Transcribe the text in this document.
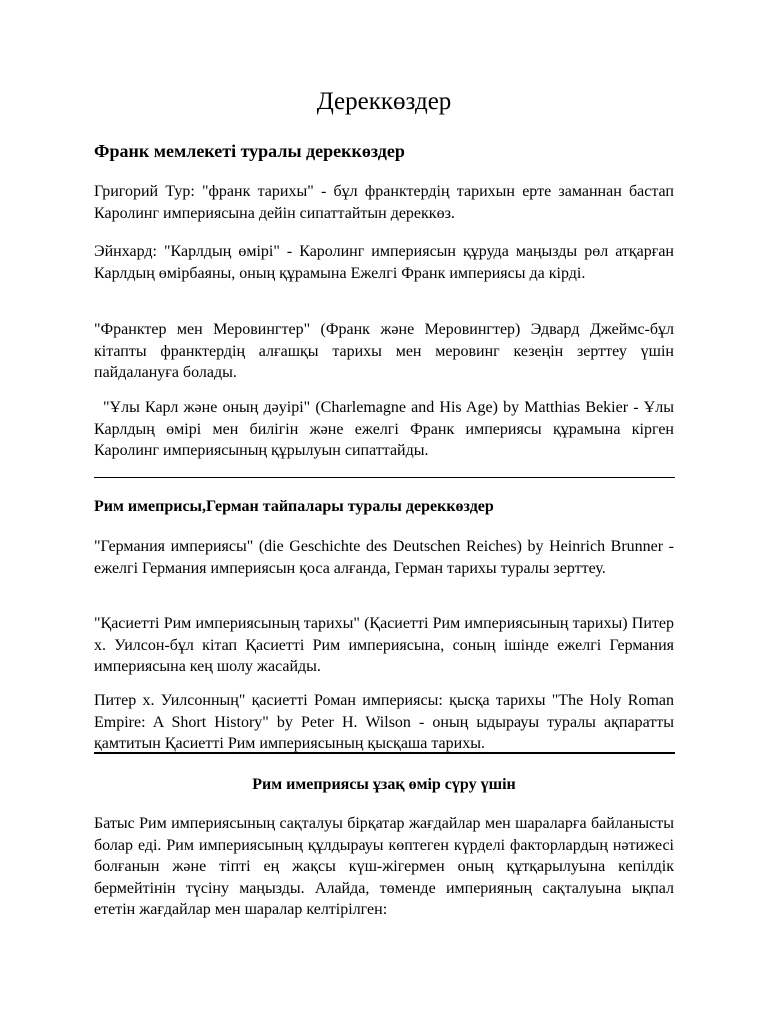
Дереккөздер
Франк мемлекеті туралы дереккөздер
Григорий Тур: "франк тарихы" - бұл франктердің тарихын ерте заманнан бастап Каролинг империясына дейін сипаттайтын дереккөз.
Эйнхард: "Карлдың өмірі" - Каролинг империясын құруда маңызды рөл атқарған Карлдың өмірбаяны, оның құрамына Ежелгі Франк империясы да кірді.
"Франктер мен Меровингтер" (Франк және Меровингтер) Эдвард Джеймс-бұл кітапты франктердің алғашқы тарихы мен меровинг кезеңін зерттеу үшін пайдалануға болады.
"Ұлы Карл және оның дәуірі" (Charlemagne and His Age) by Matthias Bekier - Ұлы Карлдың өмірі мен билігін және ежелгі Франк империясы құрамына кірген Каролинг империясының құрылуын сипаттайды.
Рим имеприсы,Герман тайпалары туралы дереккөздер
"Германия империясы" (die Geschichte des Deutschen Reiches) by Heinrich Brunner - ежелгі Германия империясын қоса алғанда, Герман тарихы туралы зерттеу.
"Қасиетті Рим империясының тарихы" (Қасиетті Рим империясының тарихы) Питер х. Уилсон-бұл кітап Қасиетті Рим империясына, соның ішінде ежелгі Германия империясына кең шолу жасайды.
Питер х. Уилсонның" қасиетті Роман империясы: қысқа тарихы "The Holy Roman Empire: A Short History" by Peter H. Wilson - оның ыдырауы туралы ақпаратты қамтитын Қасиетті Рим империясының қысқаша тарихы.
Рим имеприясы ұзақ өмір сүру үшін
Батыс Рим империясының сақталуы бірқатар жағдайлар мен шараларға байланысты болар еді. Рим империясының құлдырауы көптеген күрделі факторлардың нәтижесі болғанын және тіпті ең жақсы күш-жігермен оның құтқарылуына кепілдік бермейтінін түсіну маңызды. Алайда, төменде империяның сақталуына ықпал ететін жағдайлар мен шаралар келтірілген:
